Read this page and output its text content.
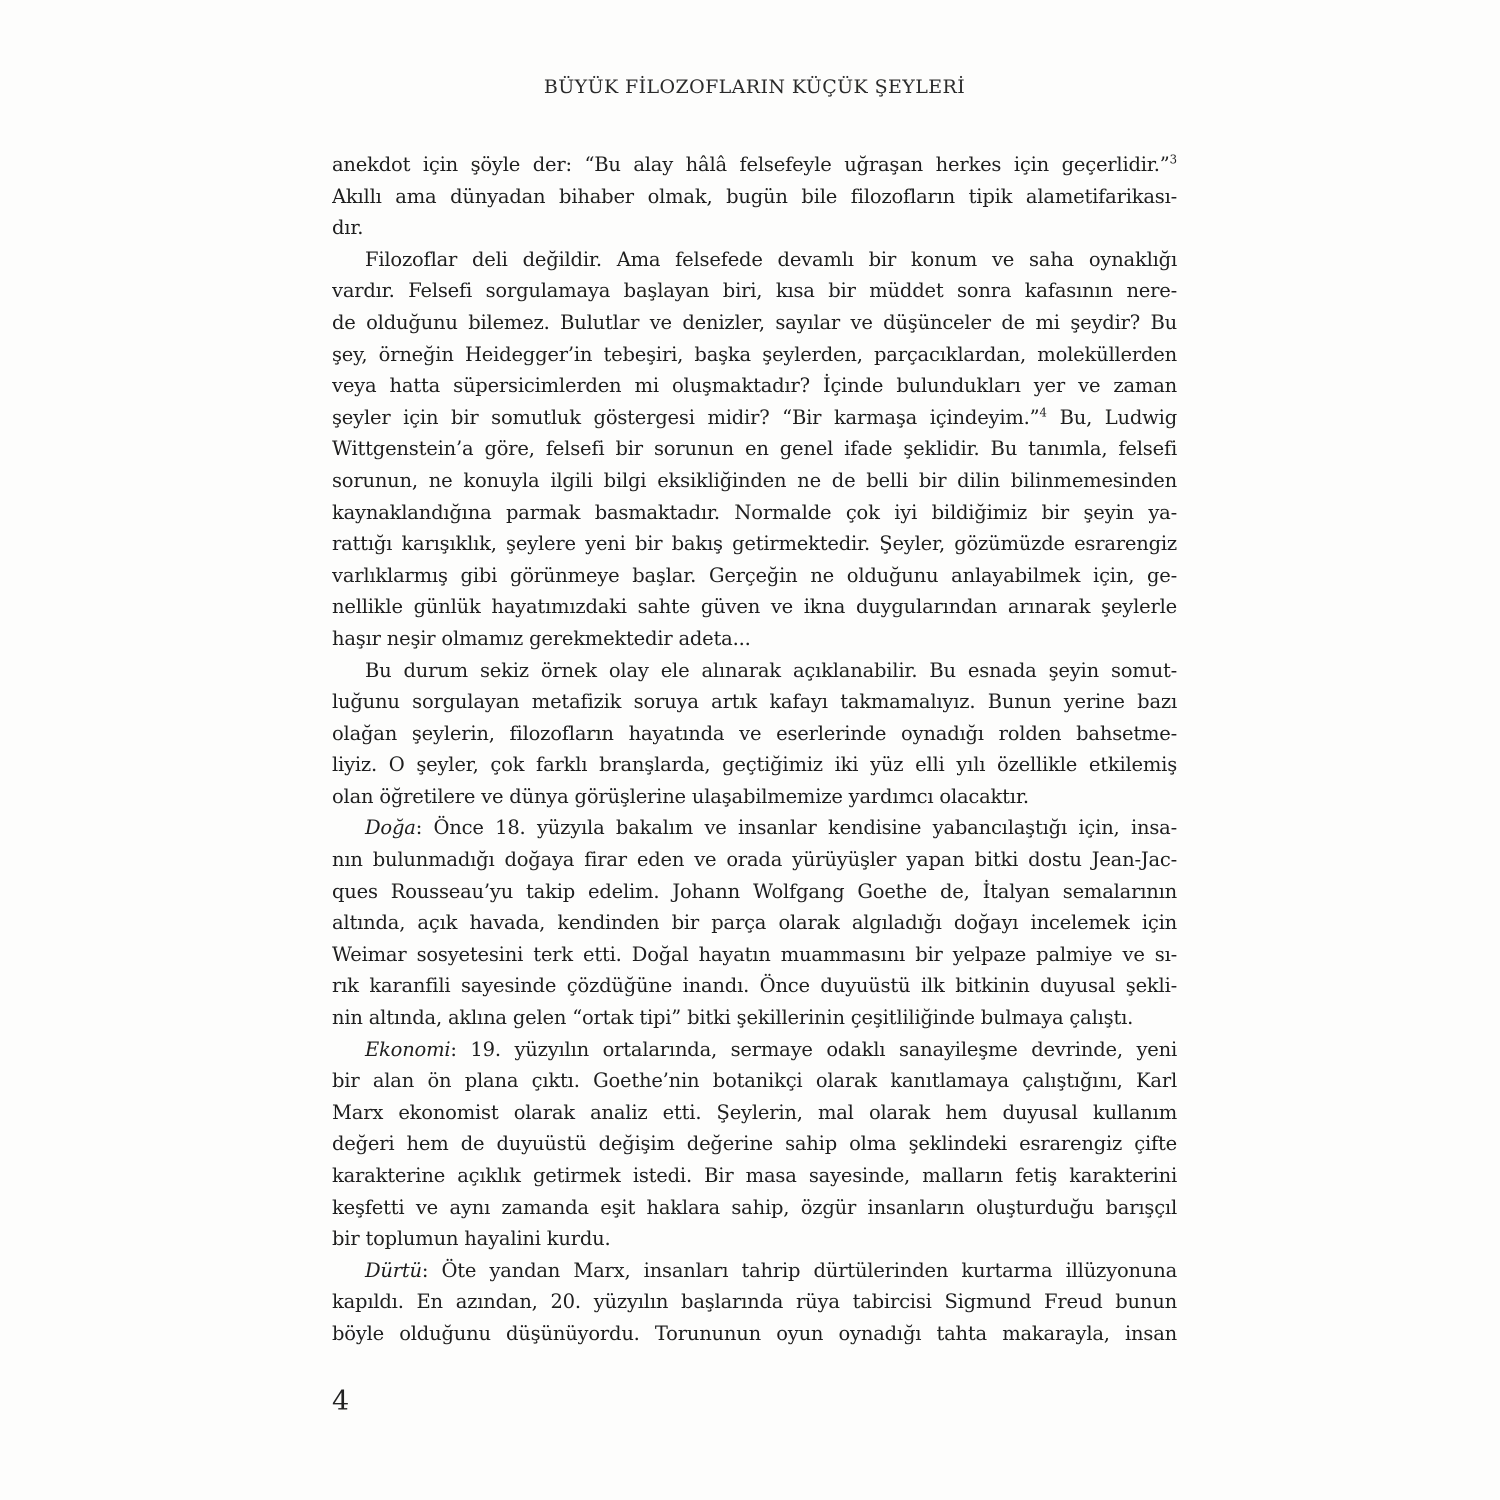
BÜYÜK FİLOZOFLARIN KÜÇÜK ŞEYLERİ
anekdot için şöyle der: “Bu alay hâlâ felsefeyle uğraşan herkes için geçerlidir.”$^3$
Akıllı ama dünyadan bihaber olmak, bugün bile filozofların tipik alametifarikası-
dır.
Filozoflar deli değildir. Ama felsefede devamlı bir konum ve saha oynaklığı
vardır. Felsefi sorgulamaya başlayan biri, kısa bir müddet sonra kafasının nere-
de olduğunu bilemez. Bulutlar ve denizler, sayılar ve düşünceler de mi şeydir? Bu
şey, örneğin Heidegger’in tebeşiri, başka şeylerden, parçacıklardan, moleküllerden
veya hatta süpersicimlerden mi oluşmaktadır? İçinde bulundukları yer ve zaman
şeyler için bir somutluk göstergesi midir? “Bir karmaşa içindeyim.”$^4$ Bu, Ludwig
Wittgenstein’a göre, felsefi bir sorunun en genel ifade şeklidir. Bu tanımla, felsefi
sorunun, ne konuyla ilgili bilgi eksikliğinden ne de belli bir dilin bilinmemesinden
kaynaklandığına parmak basmaktadır. Normalde çok iyi bildiğimiz bir şeyin ya-
rattığı karışıklık, şeylere yeni bir bakış getirmektedir. Şeyler, gözümüzde esrarengiz
varlıklarmış gibi görünmeye başlar. Gerçeğin ne olduğunu anlayabilmek için, ge-
nellikle günlük hayatımızdaki sahte güven ve ikna duygularından arınarak şeylerle
haşır neşir olmamız gerekmektedir adeta...
Bu durum sekiz örnek olay ele alınarak açıklanabilir. Bu esnada şeyin somut-
luğunu sorgulayan metafizik soruya artık kafayı takmamalıyız. Bunun yerine bazı
olağan şeylerin, filozofların hayatında ve eserlerinde oynadığı rolden bahsetme-
liyiz. O şeyler, çok farklı branşlarda, geçtiğimiz iki yüz elli yılı özellikle etkilemiş
olan öğretilere ve dünya görüşlerine ulaşabilmemize yardımcı olacaktır.
Doğa: Önce 18. yüzyıla bakalım ve insanlar kendisine yabancılaştığı için, insa-
nın bulunmadığı doğaya firar eden ve orada yürüyüşler yapan bitki dostu Jean-Jac-
ques Rousseau’yu takip edelim. Johann Wolfgang Goethe de, İtalyan semalarının
altında, açık havada, kendinden bir parça olarak algıladığı doğayı incelemek için
Weimar sosyetesini terk etti. Doğal hayatın muammasını bir yelpaze palmiye ve sı-
rık karanfili sayesinde çözdüğüne inandı. Önce duyuüstü ilk bitkinin duyusal şekli-
nin altında, aklına gelen “ortak tipi” bitki şekillerinin çeşitliliğinde bulmaya çalıştı.
Ekonomi: 19. yüzyılın ortalarında, sermaye odaklı sanayileşme devrinde, yeni
bir alan ön plana çıktı. Goethe’nin botanikçi olarak kanıtlamaya çalıştığını, Karl
Marx ekonomist olarak analiz etti. Şeylerin, mal olarak hem duyusal kullanım
değeri hem de duyuüstü değişim değerine sahip olma şeklindeki esrarengiz çifte
karakterine açıklık getirmek istedi. Bir masa sayesinde, malların fetiş karakterini
keşfetti ve aynı zamanda eşit haklara sahip, özgür insanların oluşturduğu barışçıl
bir toplumun hayalini kurdu.
Dürtü: Öte yandan Marx, insanları tahrip dürtülerinden kurtarma illüzyonuna
kapıldı. En azından, 20. yüzyılın başlarında rüya tabircisi Sigmund Freud bunun
böyle olduğunu düşünüyordu. Torununun oyun oynadığı tahta makarayla, insan
4
